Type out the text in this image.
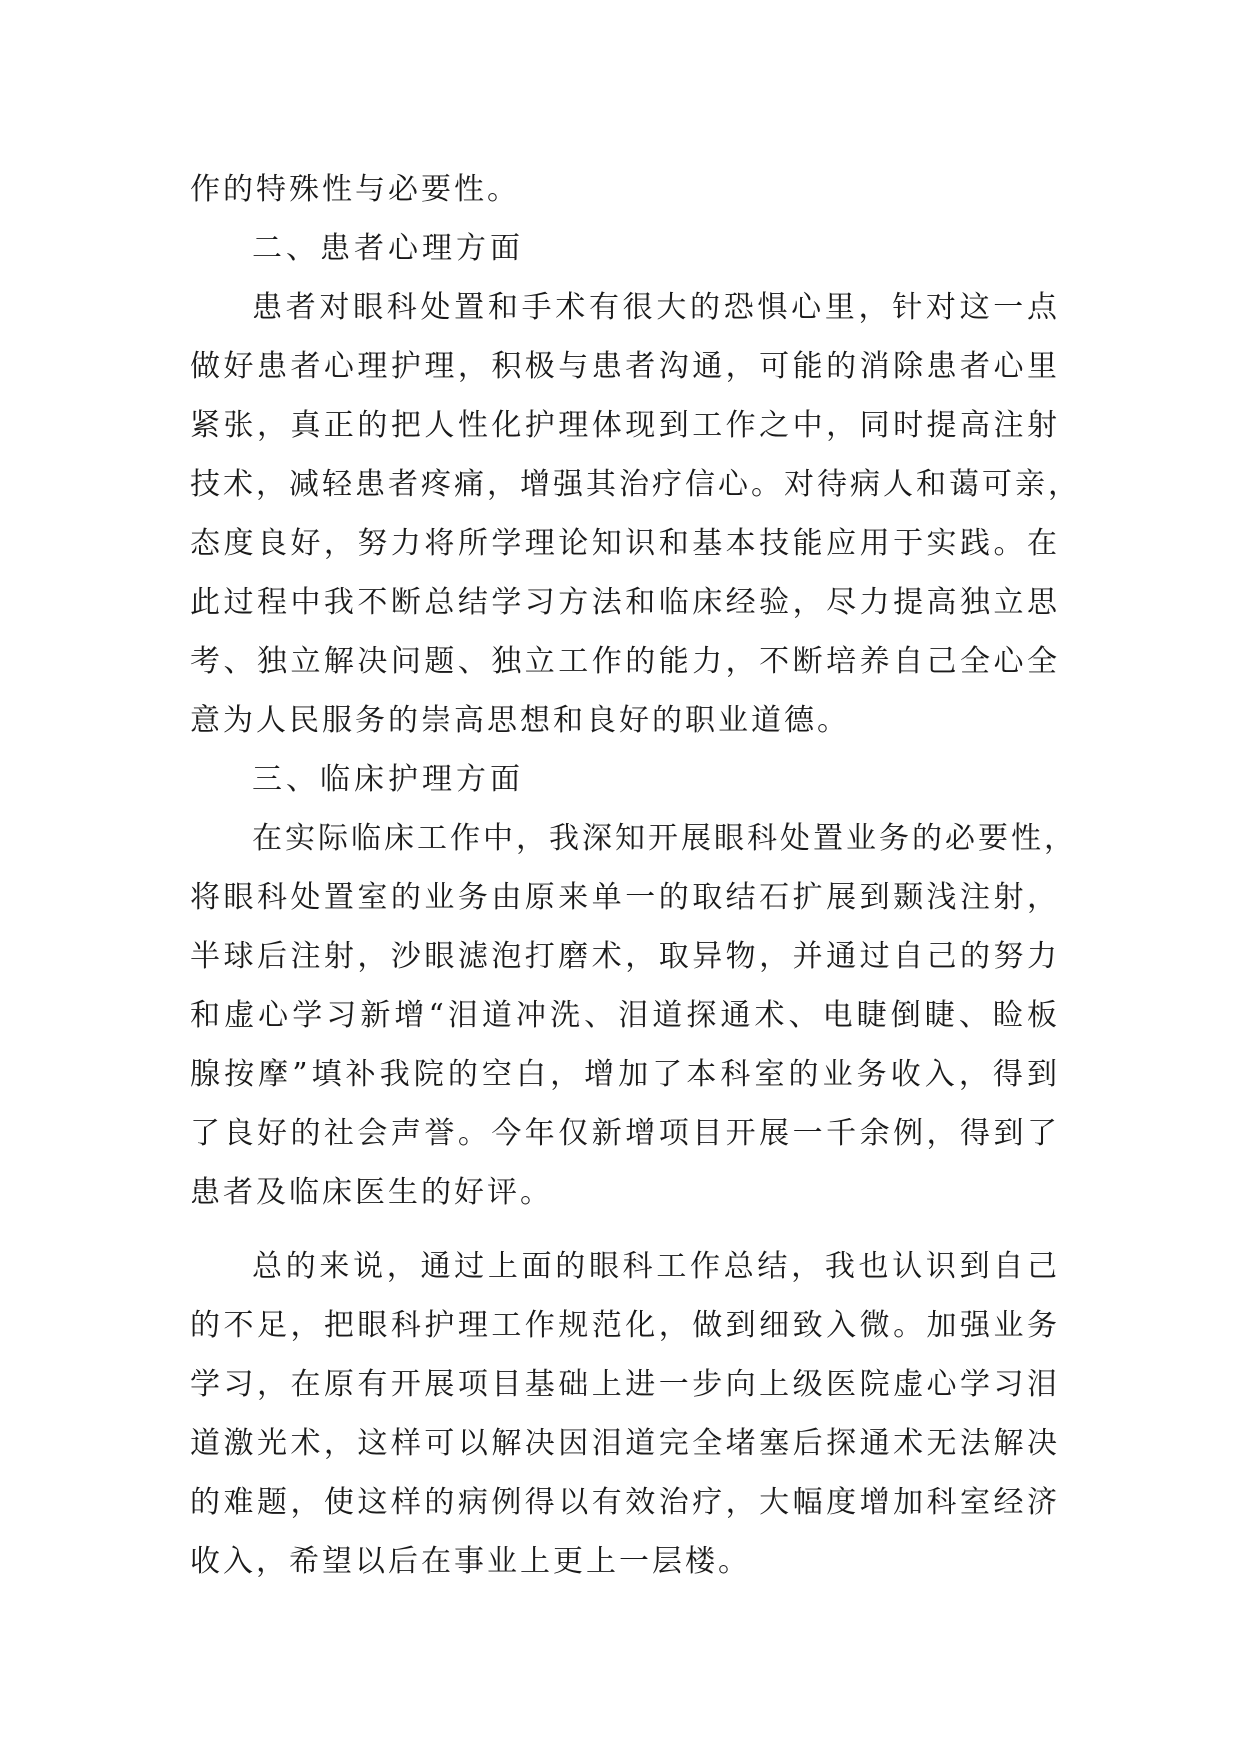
作的特殊性与必要性。
二、患者心理方面
患者对眼科处置和手术有很大的恐惧心里，针对这一点
做好患者心理护理，积极与患者沟通，可能的消除患者心里
紧张，真正的把人性化护理体现到工作之中，同时提高注射
技术，减轻患者疼痛，增强其治疗信心。对待病人和蔼可亲，
态度良好，努力将所学理论知识和基本技能应用于实践。在
此过程中我不断总结学习方法和临床经验，尽力提高独立思
考、独立解决问题、独立工作的能力，不断培养自己全心全
意为人民服务的崇高思想和良好的职业道德。
三、临床护理方面
在实际临床工作中，我深知开展眼科处置业务的必要性，
将眼科处置室的业务由原来单一的取结石扩展到颞浅注射，
半球后注射，沙眼滤泡打磨术，取异物，并通过自己的努力
和虚心学习新增“泪道冲洗、泪道探通术、电睫倒睫、睑板
腺按摩”填补我院的空白，增加了本科室的业务收入，得到
了良好的社会声誉。今年仅新增项目开展一千余例，得到了
患者及临床医生的好评。
总的来说，通过上面的眼科工作总结，我也认识到自己
的不足，把眼科护理工作规范化，做到细致入微。加强业务
学习，在原有开展项目基础上进一步向上级医院虚心学习泪
道激光术，这样可以解决因泪道完全堵塞后探通术无法解决
的难题，使这样的病例得以有效治疗，大幅度增加科室经济
收入，希望以后在事业上更上一层楼。
